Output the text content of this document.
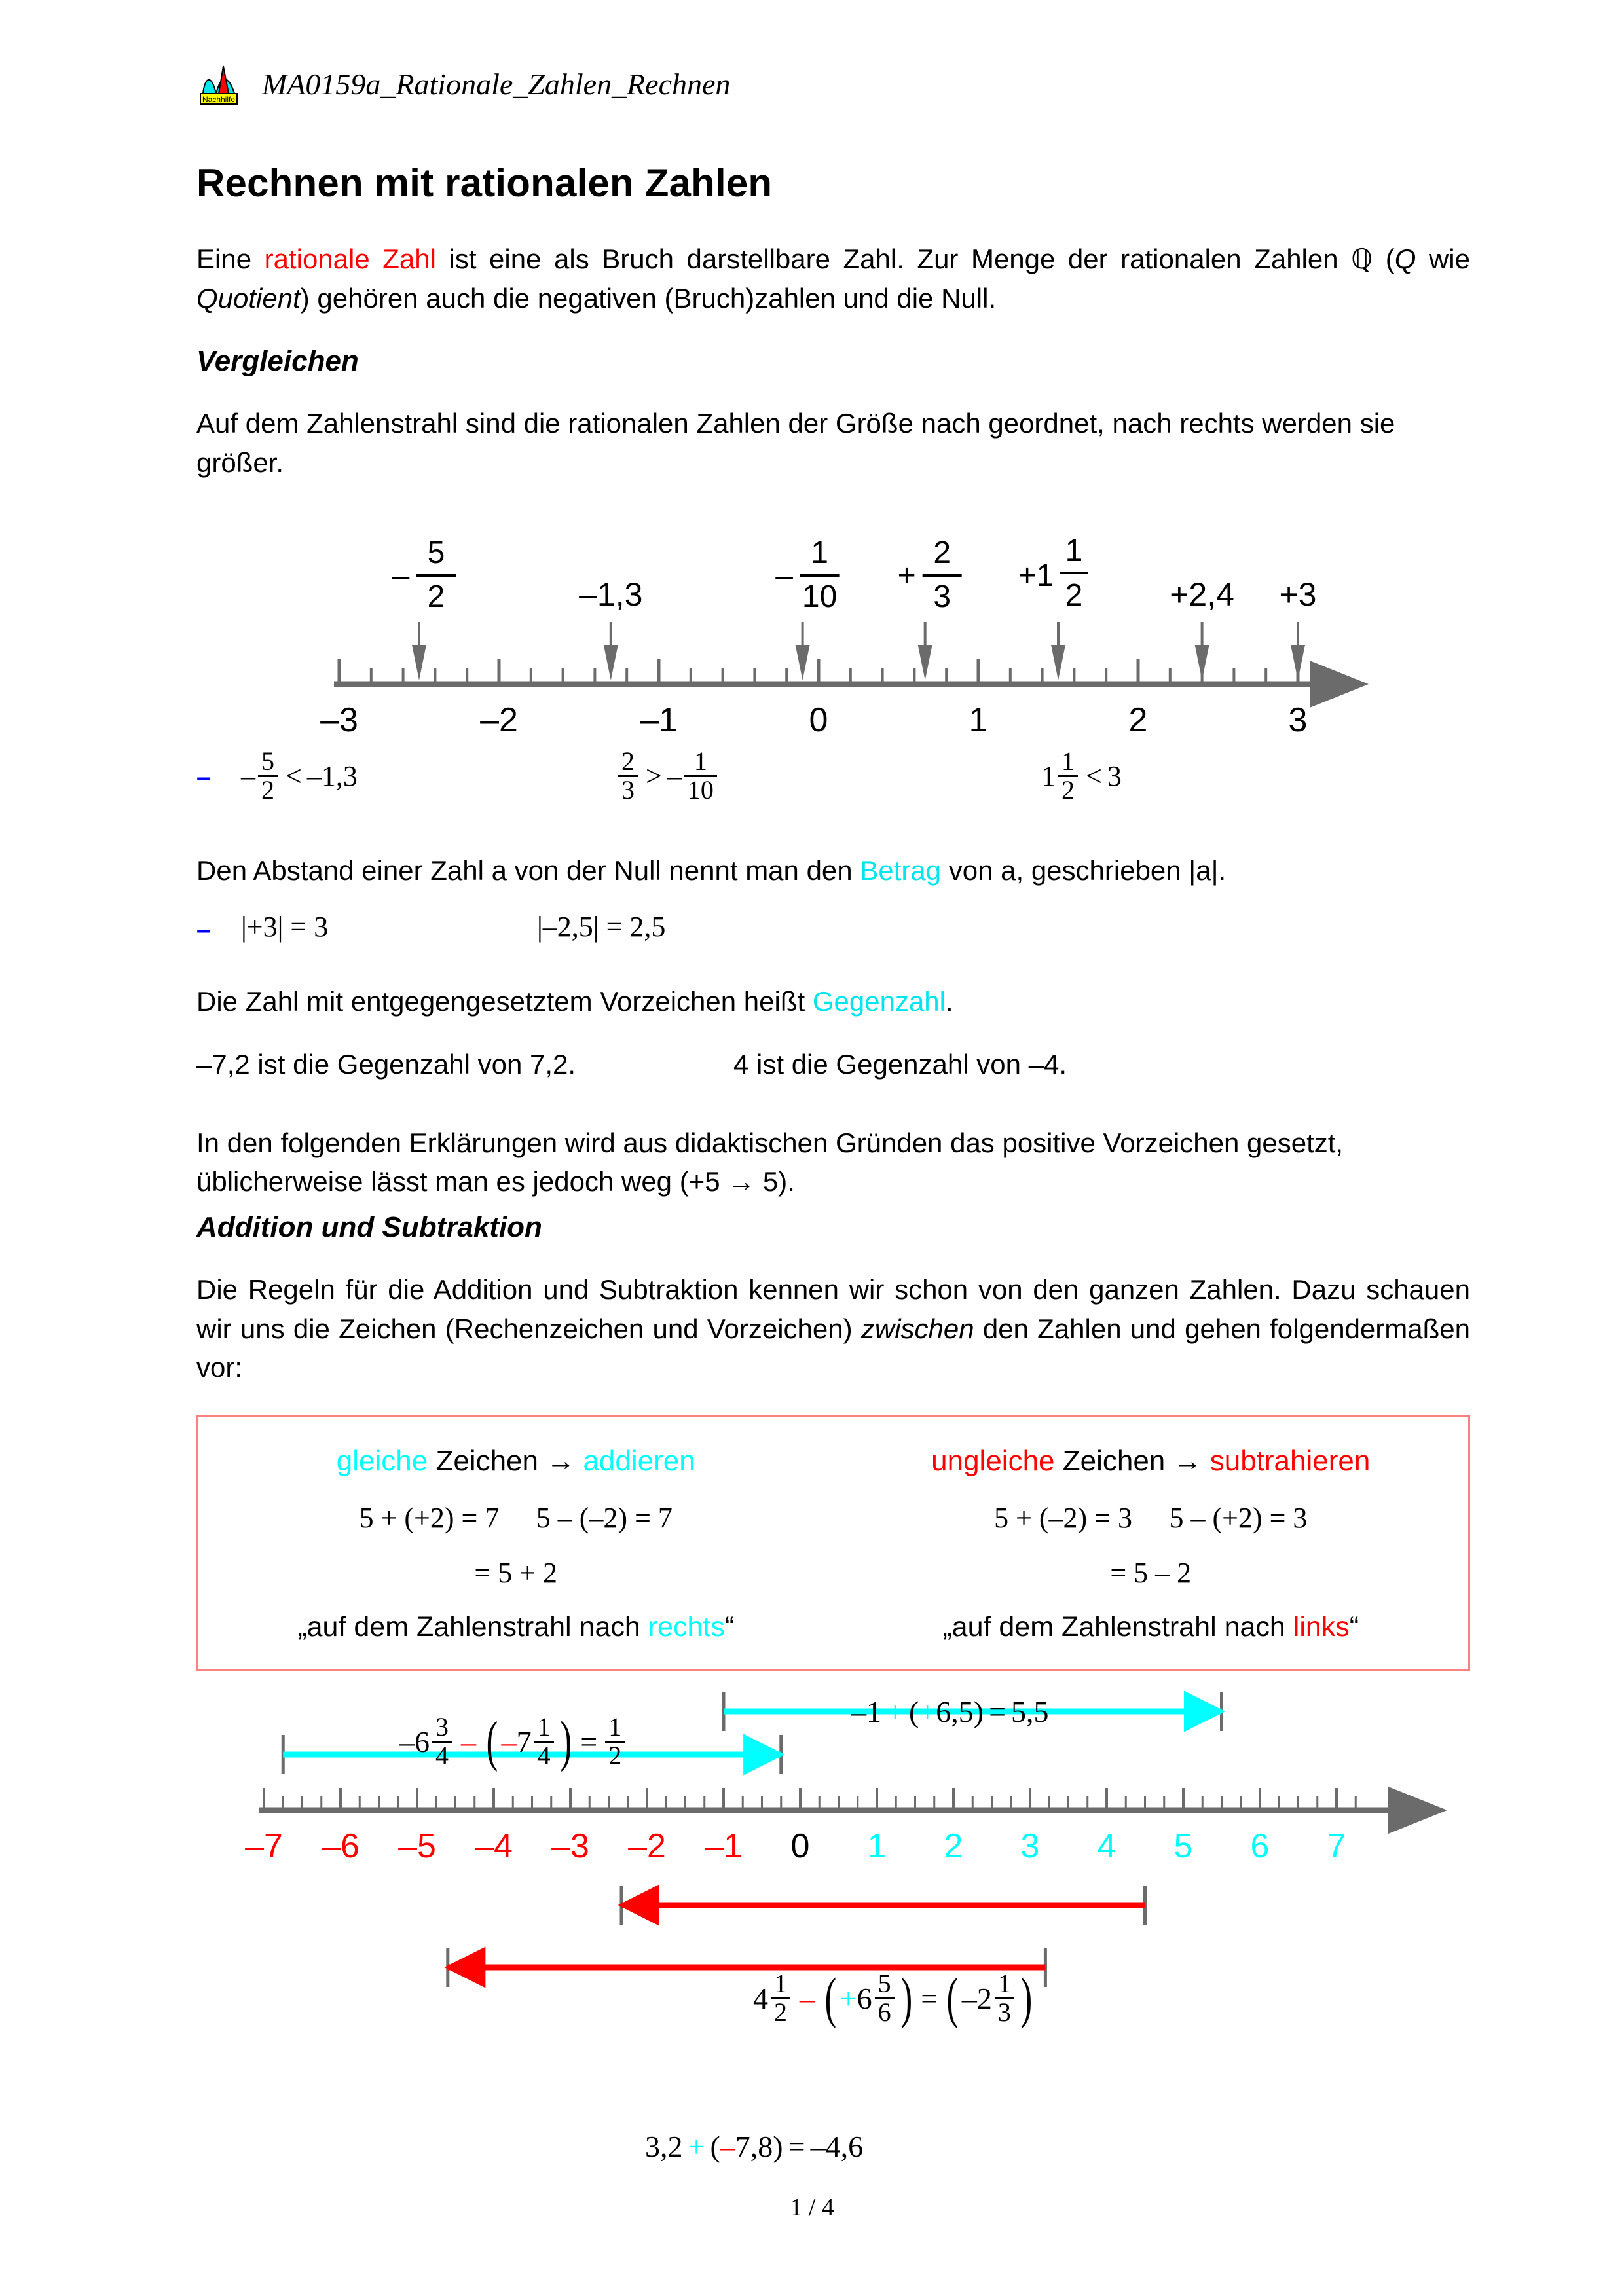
Nachhilfe MA0159a_Rationale_Zahlen_Rechnen
Rechnen mit rationalen Zahlen

Eine rationale Zahl ist eine als Bruch darstellbare Zahl. Zur Menge der rationalen Zahlen ℚ (Q wie Quotient) gehören auch die negativen (Bruch)zahlen und die Null.

Vergleichen

Auf dem Zahlenstrahl sind die rationalen Zahlen der Größe nach geordnet, nach rechts werden sie größer.

–3	–2	–1	0	1	2	3
–
5
2	–1,3
–
1
10
+
2
3
+1
1
2	+2,4 +3
– – $\frac{5}{2} < -1,3$	$\frac{2}{3}$ > – $\frac{1}{10}$	$1 \frac{1}{2} < 3$

Den Abstand einer Zahl a von der Null nennt man den Betrag von a, geschrieben |a|.

– |+3| = 3	|–2,5| = 2,5

Die Zahl mit entgegengesetztem Vorzeichen heißt Gegenzahl.

–7,2 ist die Gegenzahl von 7,2.	4 ist die Gegenzahl von –4.

In den folgenden Erklärungen wird aus didaktischen Gründen das positive Vorzeichen gesetzt, üblicherweise lässt man es jedoch weg (+5 → 5).

Addition und Subtraktion

Die Regeln für die Addition und Subtraktion kennen wir schon von den ganzen Zahlen. Dazu schauen wir uns die Zeichen (Rechenzeichen und Vorzeichen) zwischen den Zahlen und gehen folgendermaßen vor:

gleiche Zeichen → addieren
5 + (+2) = 7
5 – (–2) = 7
= 5 + 2
„auf dem Zahlenstrahl nach rechts“
ungleiche Zeichen → subtrahieren
5 + (–2) = 3
5 – (+2) = 3
= 5 – 2
„auf dem Zahlenstrahl nach links“
–7 –6 –5 –4 –3 –2 –1 0 1 2 3 4 5 6 7
$-6 \frac{3}{4}$ – ( – $7 \frac{1}{4}$ ) = $\frac{1}{2}$
–1 + ( + 6,5) = 5,5
$4 \frac{1}{2}$ – ( + $6 \frac{5}{6}$ ) = ( $-2 \frac{1}{3}$ )
3,2 + ( – 7,8) = –4,6
1 / 4
